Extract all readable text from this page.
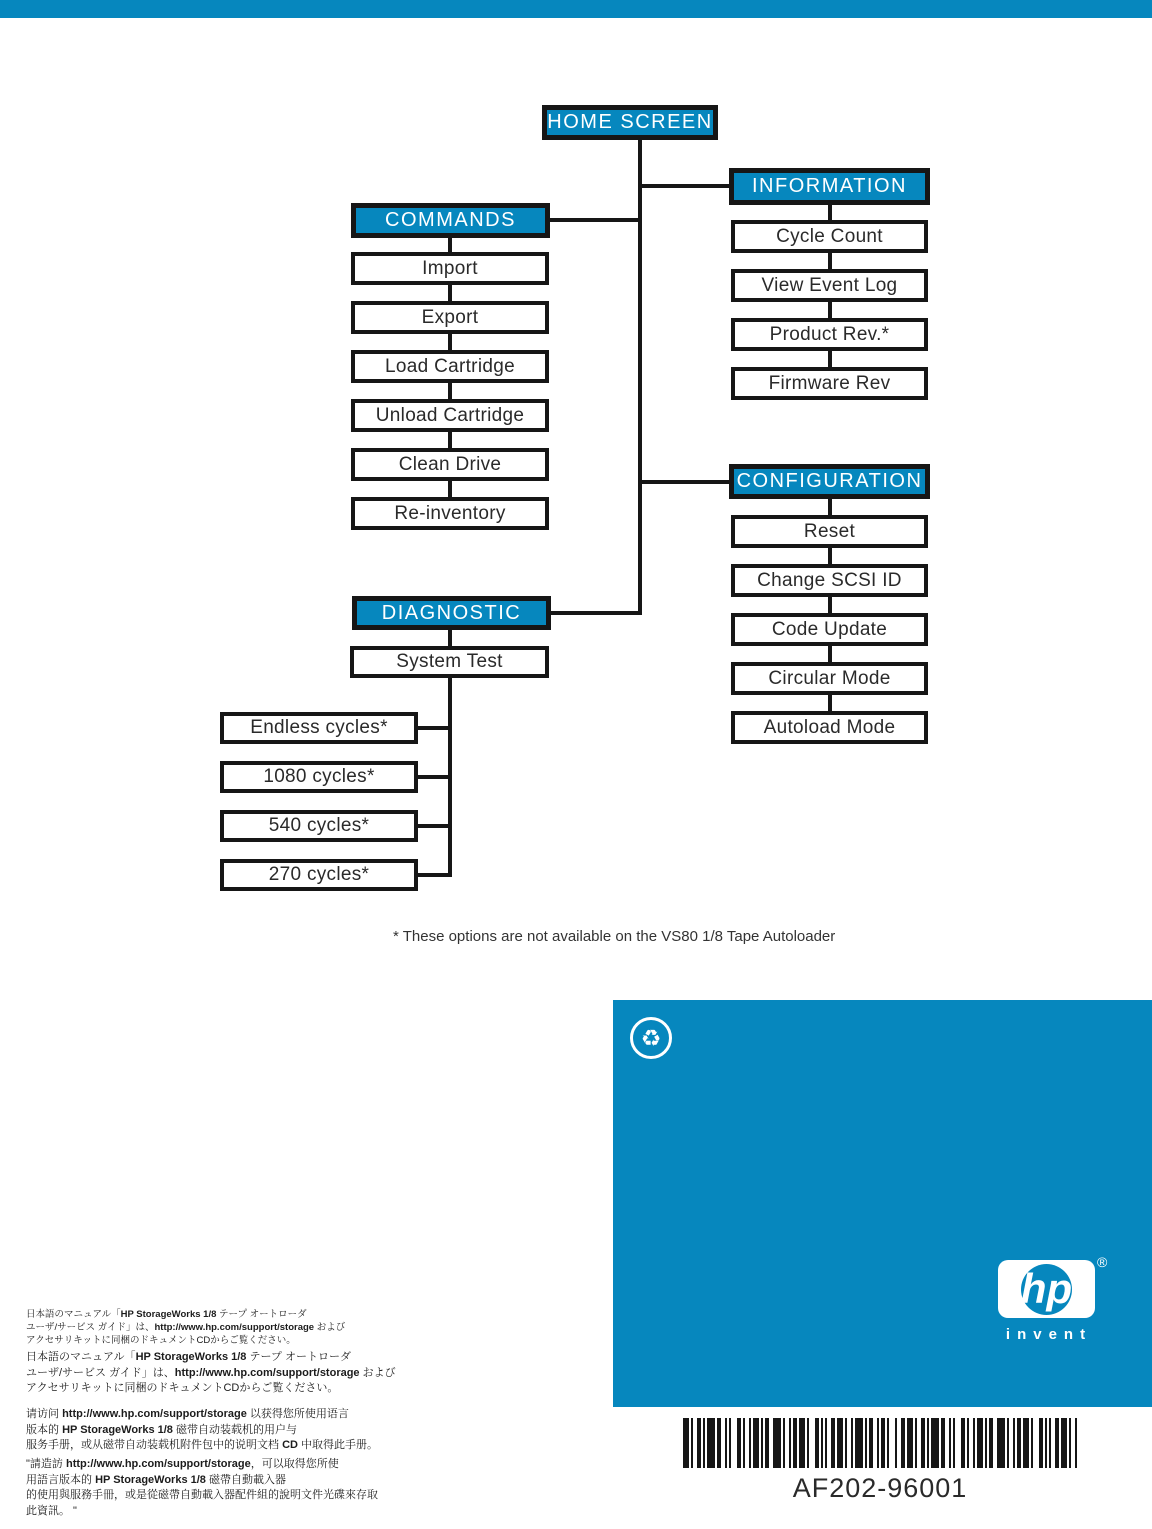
HOME SCREEN
COMMANDS
Import
Export
Load Cartridge
Unload Cartridge
Clean Drive
Re-inventory
INFORMATION
Cycle Count
View Event Log
Product Rev.*
Firmware Rev
CONFIGURATION
Reset
Change SCSI ID
Code Update
Circular Mode
Autoload Mode
DIAGNOSTIC
System Test
Endless cycles*
1080 cycles*
540 cycles*
270 cycles*
* These options are not available on the VS80 1/8 Tape Autoloader
♻
hp
®
invent
AF202-96001
日本語のマニュアル「HP StorageWorks 1/8 テープ オートローダ
ユーザ/サービス ガイド」は、http://www.hp.com/support/storage および
アクセサリキットに同梱のドキュメントCDからご覧ください。
日本語のマニュアル「HP StorageWorks 1/8 テープ オートローダ
ユーザ/サービス ガイド」は、http://www.hp.com/support/storage および
アクセサリキットに同梱のドキュメントCDからご覧ください。
请访问 http://www.hp.com/support/storage 以获得您所使用语言
版本的 HP StorageWorks 1/8 磁带自动装载机的用户与
服务手册，或从磁带自动装载机附件包中的说明文档 CD 中取得此手册。
"請造訪 http://www.hp.com/support/storage，可以取得您所使
用語言版本的 HP StorageWorks 1/8 磁帶自動載入器
的使用與服務手冊，或是從磁帶自動載入器配件組的說明文件光碟來存取
此資訊。 "
